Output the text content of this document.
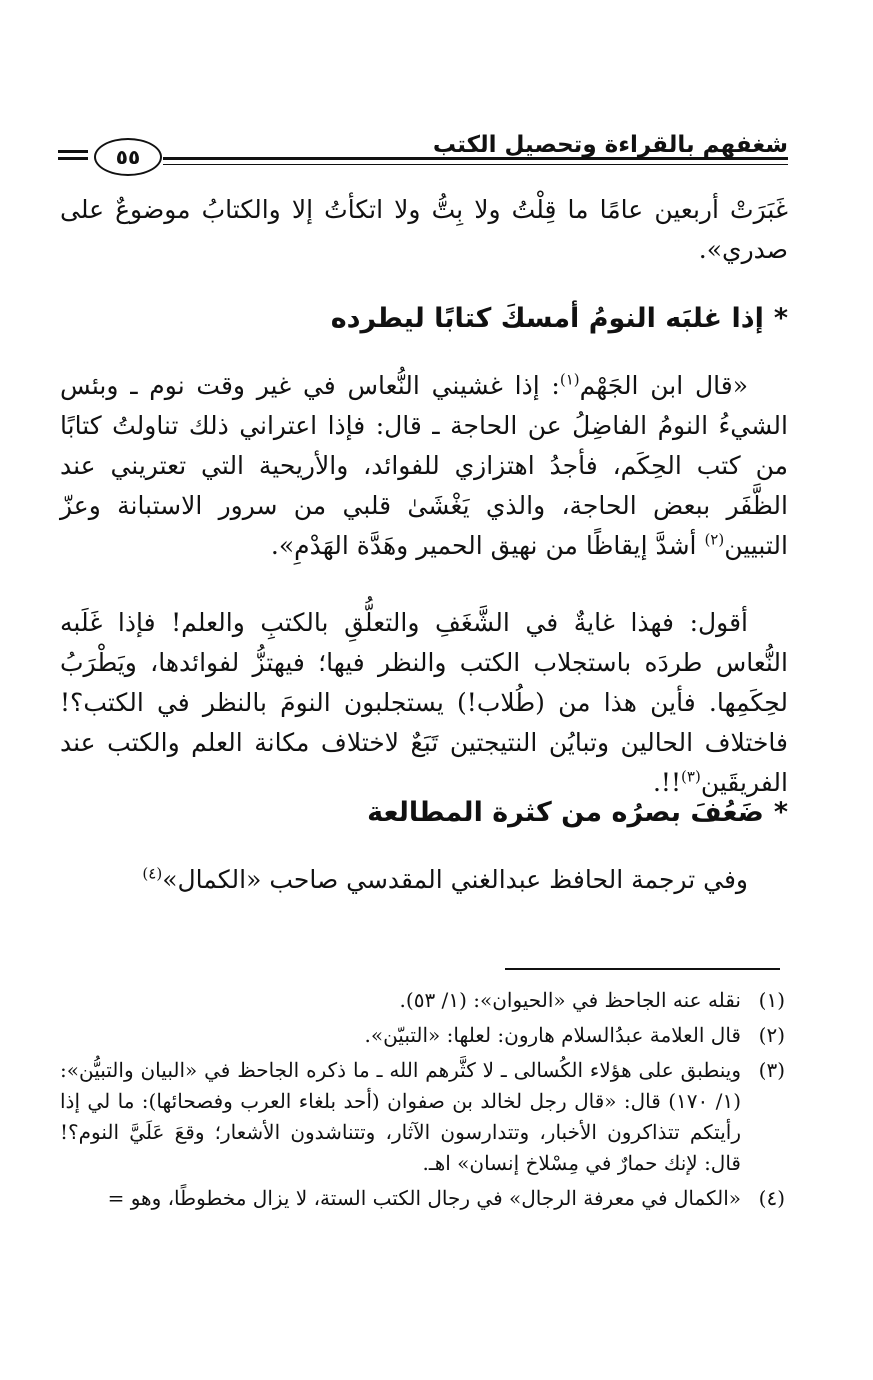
شغفهم بالقراءة وتحصيل الكتب
٥٥
غَبَرَتْ أربعين عامًا ما قِلْتُ ولا بِتُّ ولا اتكأتُ إلا والكتابُ موضوعٌ على صدري».
*إذا غلبَه النومُ أمسكَ كتابًا ليطرده
«قال ابن الجَهْم$^{(١)}$: إذا غشيني النُّعاس في غير وقت نوم ـ وبئس الشيءُ النومُ الفاضِلُ عن الحاجة ـ قال: فإذا اعتراني ذلك تناولتُ كتابًا من كتب الحِكَم، فأجدُ اهتزازي للفوائد، والأريحية التي تعتريني عند الظَّفَر ببعض الحاجة، والذي يَغْشَىٰ قلبي من سرور الاستبانة وعزّ التبيين$^{(٢)}$ أشدَّ إيقاظًا من نهيق الحمير وهَدَّة الهَدْمِ».
أقول: فهذا غايةٌ في الشَّغَفِ والتعلُّقِ بالكتبِ والعلم! فإذا غَلَبه النُّعاس طردَه باستجلاب الكتب والنظر فيها؛ فيهتزُّ لفوائدها، ويَطْرَبُ لحِكَمِها. فأين هذا من (طُلاب!) يستجلبون النومَ بالنظر في الكتب؟! فاختلاف الحالين وتبايُن النتيجتين تَبَعٌ لاختلاف مكانة العلم والكتب عند الفريقَين$^{(٣)}$!!.
*ضَعُفَ بصرُه من كثرة المطالعة
وفي ترجمة الحافظ عبدالغني المقدسي صاحب «الكمال»$^{(٤)}$
(١)
نقله عنه الجاحظ في «الحيوان»: (١/ ٥٣).
(٢)
قال العلامة عبدُالسلام هارون: لعلها: «التبيّن».
(٣)
وينطبق على هؤلاء الكُسالى ـ لا كثَّرهم الله ـ ما ذكره الجاحظ في «البيان والتبيُّن»: (١/ ١٧٠) قال: «قال رجل لخالد بن صفوان (أحد بلغاء العرب وفصحائها): ما لي إذا رأيتكم تتذاكرون الأخبار، وتتدارسون الآثار، وتتناشدون الأشعار؛ وقعَ عَلَيَّ النوم؟! قال: لإنك حمارٌ في مِسْلاخ إنسان» اهـ.
(٤)
«الكمال في معرفة الرجال» في رجال الكتب الستة، لا يزال مخطوطًا، وهو =
